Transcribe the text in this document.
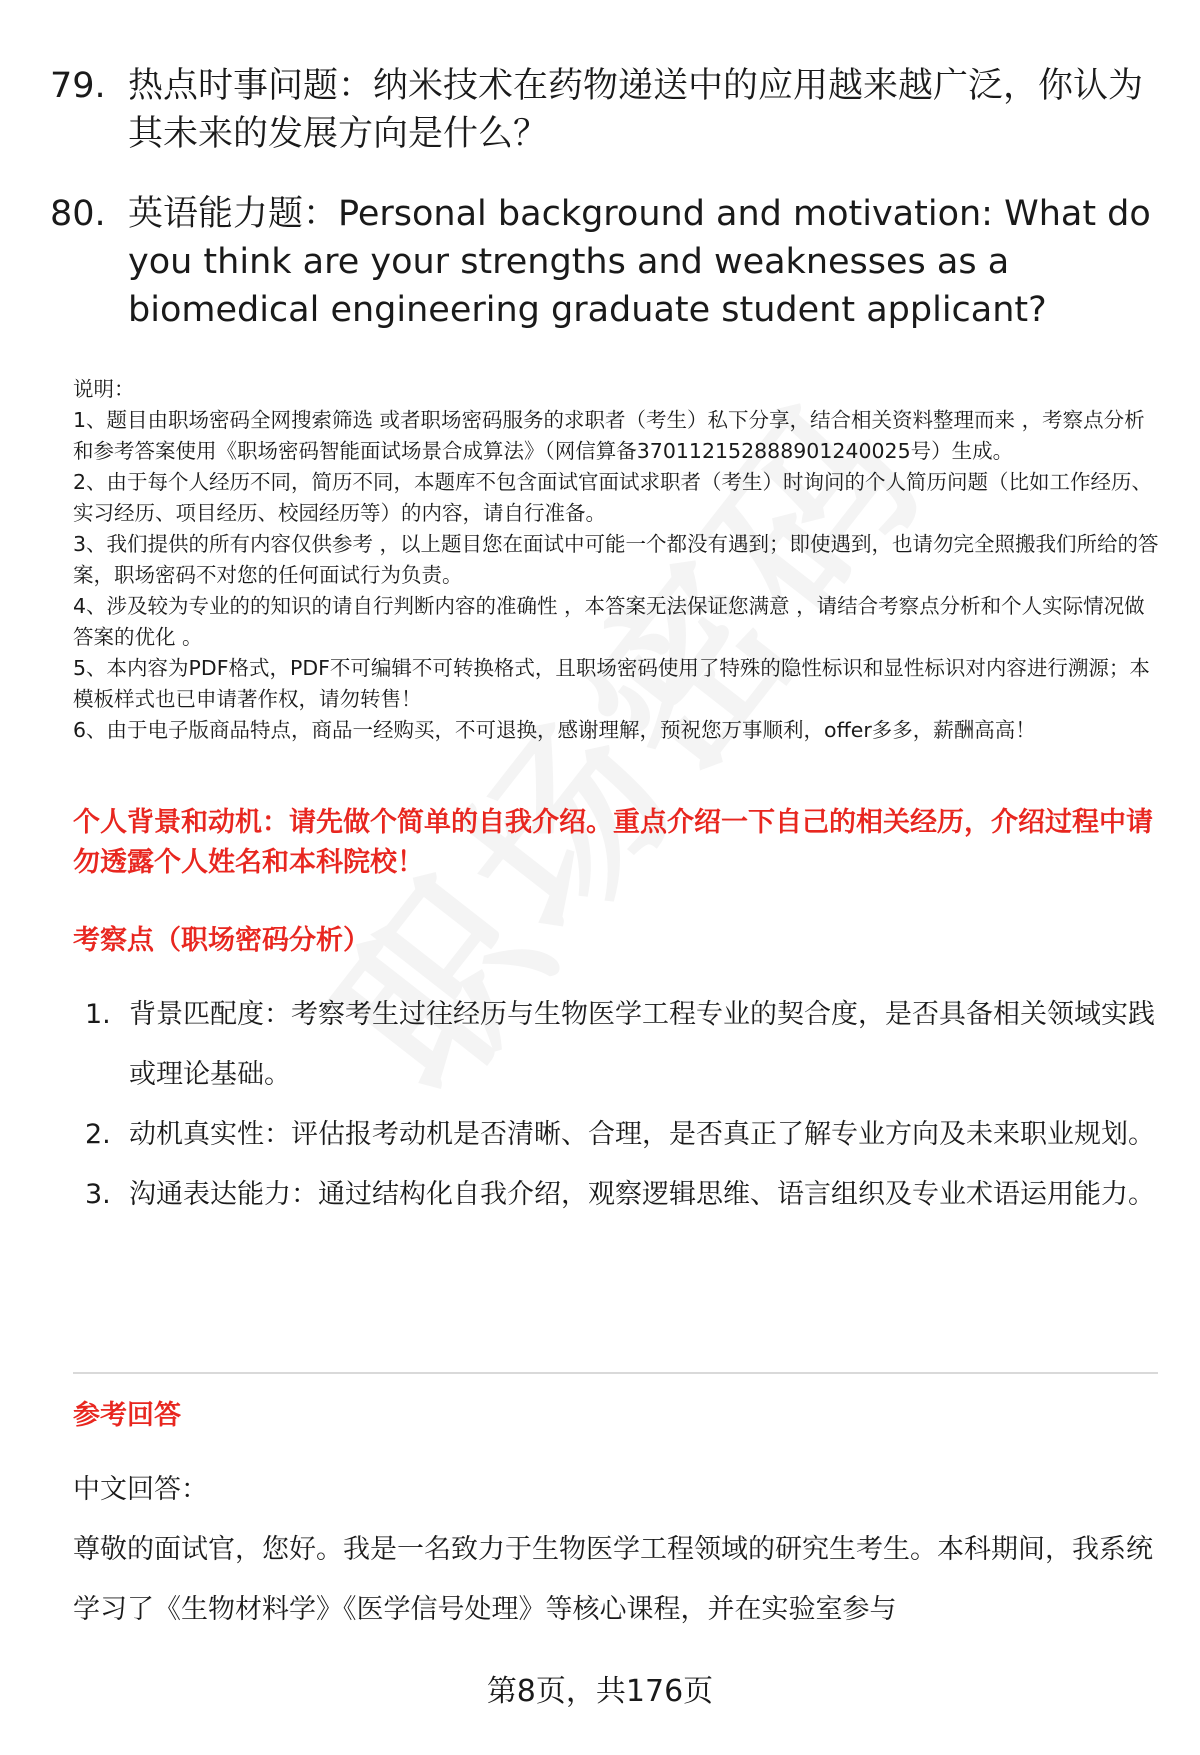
79. 热点时事问题：纳米技术在药物递送中的应用越来越广泛，你认为其未来的发展方向是什么？
80. 英语能力题：Personal background and motivation: What do you think are your strengths and weaknesses as a biomedical engineering graduate student applicant?

说明：

1、题目由职场密码全网搜索筛选 或者职场密码服务的求职者（考生）私下分享，结合相关资料整理而来 ，考察点分析和参考答案使用《职场密码智能面试场景合成算法》（网信算备370112152888901240025号）生成。

2、由于每个人经历不同，简历不同，本题库不包含面试官面试求职者（考生）时询问的个人简历问题（比如工作经历、实习经历、项目经历、校园经历等）的内容，请自行准备。

3、我们提供的所有内容仅供参考 ，以上题目您在面试中可能一个都没有遇到；即使遇到，也请勿完全照搬我们所给的答案，职场密码不对您的任何面试行为负责。

4、涉及较为专业的的知识的请自行判断内容的准确性 ，本答案无法保证您满意 ，请结合考察点分析和个人实际情况做答案的优化 。

5、本内容为PDF格式，PDF不可编辑不可转换格式，且职场密码使用了特殊的隐性标识和显性标识对内容进行溯源；本模板样式也已申请著作权，请勿转售！

6、由于电子版商品特点，商品一经购买，不可退换，感谢理解，预祝您万事顺利，offer多多，薪酬高高！

个人背景和动机：请先做个简单的自我介绍。重点介绍一下自己的相关经历，介绍过程中请勿透露个人姓名和本科院校！
考察点（职场密码分析）
1. 背景匹配度：考察考生过往经历与生物医学工程专业的契合度，是否具备相关领域实践或理论基础。
2. 动机真实性：评估报考动机是否清晰、合理，是否真正了解专业方向及未来职业规划。
3. 沟通表达能力：通过结构化自我介绍，观察逻辑思维、语言组织及专业术语运用能力。
参考回答

中文回答：

尊敬的面试官，您好。我是一名致力于生物医学工程领域的研究生考生。本科期间，我系统学习了《生物材料学》《医学信号处理》等核心课程，并在实验室参与

第8页，共176页
